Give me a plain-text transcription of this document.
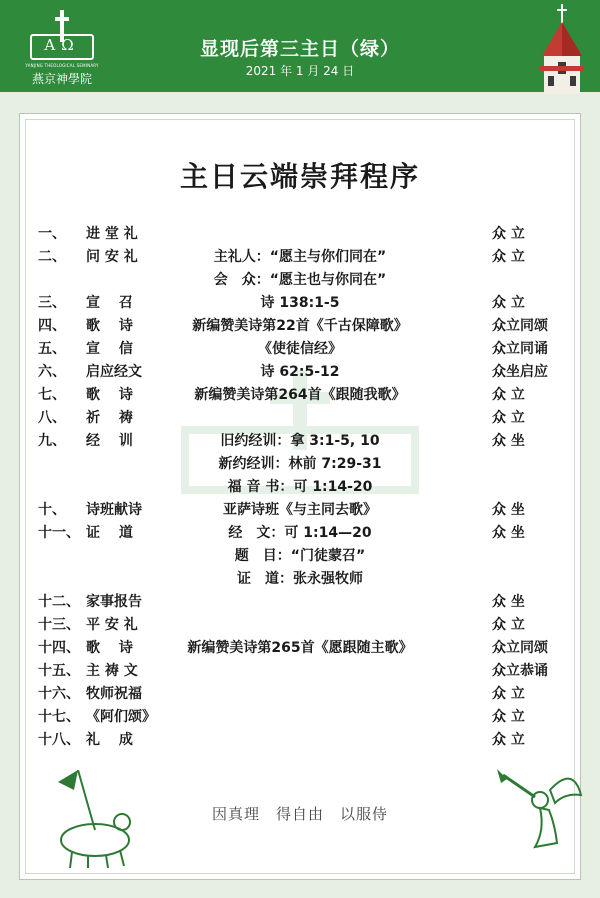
AΩ
YANJING THEOLOGICAL SEMINARY
燕京神學院
显现后第三主日（绿）
2021 年 1 月 24 日
主日云端崇拜程序
一、 进 堂 礼	众 立
二、 问 安 礼	主礼人：“愿主与你们同在”	众 立
会　众：“愿主也与你同在”
三、 宣　 召	诗 138:1-5	众 立
四、 歌　 诗	新编赞美诗第22首《千古保障歌》	众立同颂
五、 宣　 信	《使徒信经》	众立同诵
六、 启应经文	诗 62:5-12	众坐启应
七、 歌　 诗	新编赞美诗第264首《跟随我歌》	众 立
八、 祈　 祷	众 立
九、 经　 训	旧约经训：拿 3:1-5, 10	众 坐
新约经训：林前 7:29-31
福 音 书：可 1:14-20
十、 诗班献诗	亚萨诗班《与主同去歌》	众 坐
十一、 证　 道	经　文：可 1:14—20	众 坐
题　目：“门徒蒙召”
证　道：张永强牧师
十二、 家事报告	众 坐
十三、 平 安 礼	众 立
十四、 歌　 诗	新编赞美诗第265首《愿跟随主歌》	众立同颂
十五、 主 祷 文	众立恭诵
十六、 牧师祝福	众 立
十七、 《阿们颂》	众 立
十八、 礼　 成	众 立
因真理　得自由　以服侍
